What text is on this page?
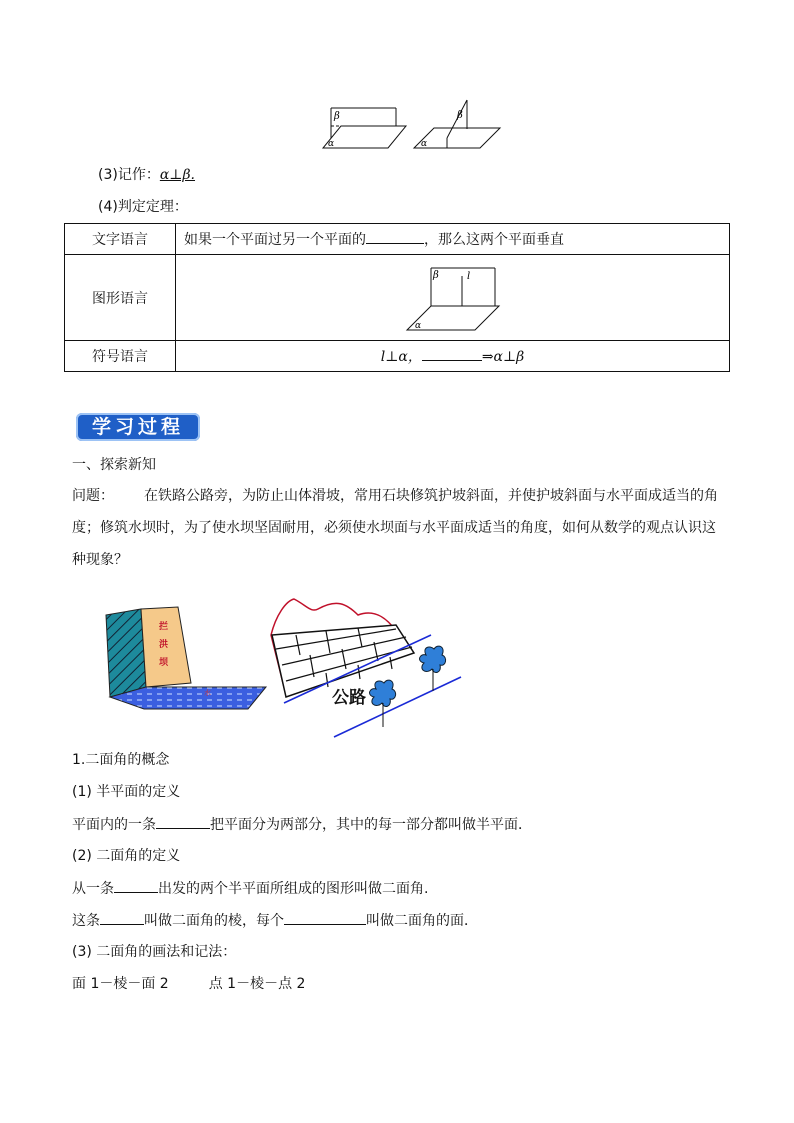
β
α
β
α
(3)记作：α⊥β.
(4)判定定理：
文字语言	如果一个平面过另一个平面的 ，那么这两个平面垂直
图形语言	β l
α

符号语言	l⊥α， ⇒α⊥β
学习过程
一、探索新知
问题： 在铁路公路旁，为防止山体滑坡，常用石块修筑护坡斜面，并使护坡斜面与水平面成适当的角
度；修筑水坝时，为了使水坝坚固耐用，必须使水坝面与水平面成适当的角度，如何从数学的观点认识这
种现象？
拦
洪
坝
水	公路
1.二面角的概念
(1) 半平面的定义
平面内的一条	把平面分为两部分，其中的每一部分都叫做半平面．
(2) 二面角的定义
从一条	出发的两个半平面所组成的图形叫做二面角.
这条	叫做二面角的棱，每个	叫做二面角的面．
(3) 二面角的画法和记法：
面 1－棱－面 2	点 1－棱－点 2
